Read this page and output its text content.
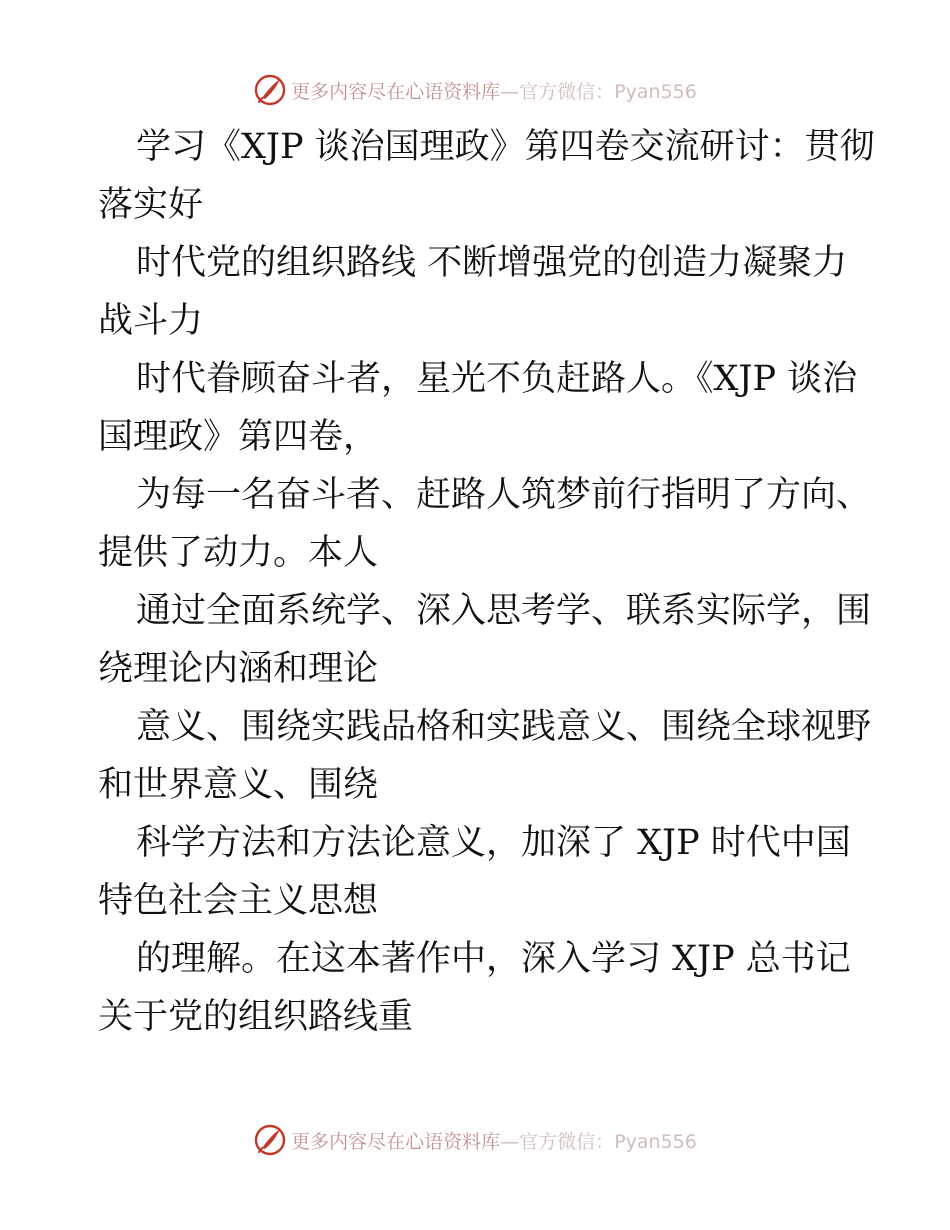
更多内容尽在心语资料库—官方微信：Pyan556

学习《XJP 谈治国理政》第四卷交流研讨：贯彻
落实好

时代党的组织路线 不断增强党的创造力凝聚力
战斗力

时代眷顾奋斗者，星光不负赶路人。《XJP 谈治
国理政》第四卷，

为每一名奋斗者、赶路人筑梦前行指明了方向、
提供了动力。本人

通过全面系统学、深入思考学、联系实际学，围
绕理论内涵和理论

意义、围绕实践品格和实践意义、围绕全球视野
和世界意义、围绕

科学方法和方法论意义，加深了 XJP 时代中国
特色社会主义思想

的理解。在这本著作中，深入学习 XJP 总书记
关于党的组织路线重

更多内容尽在心语资料库—官方微信：Pyan556
